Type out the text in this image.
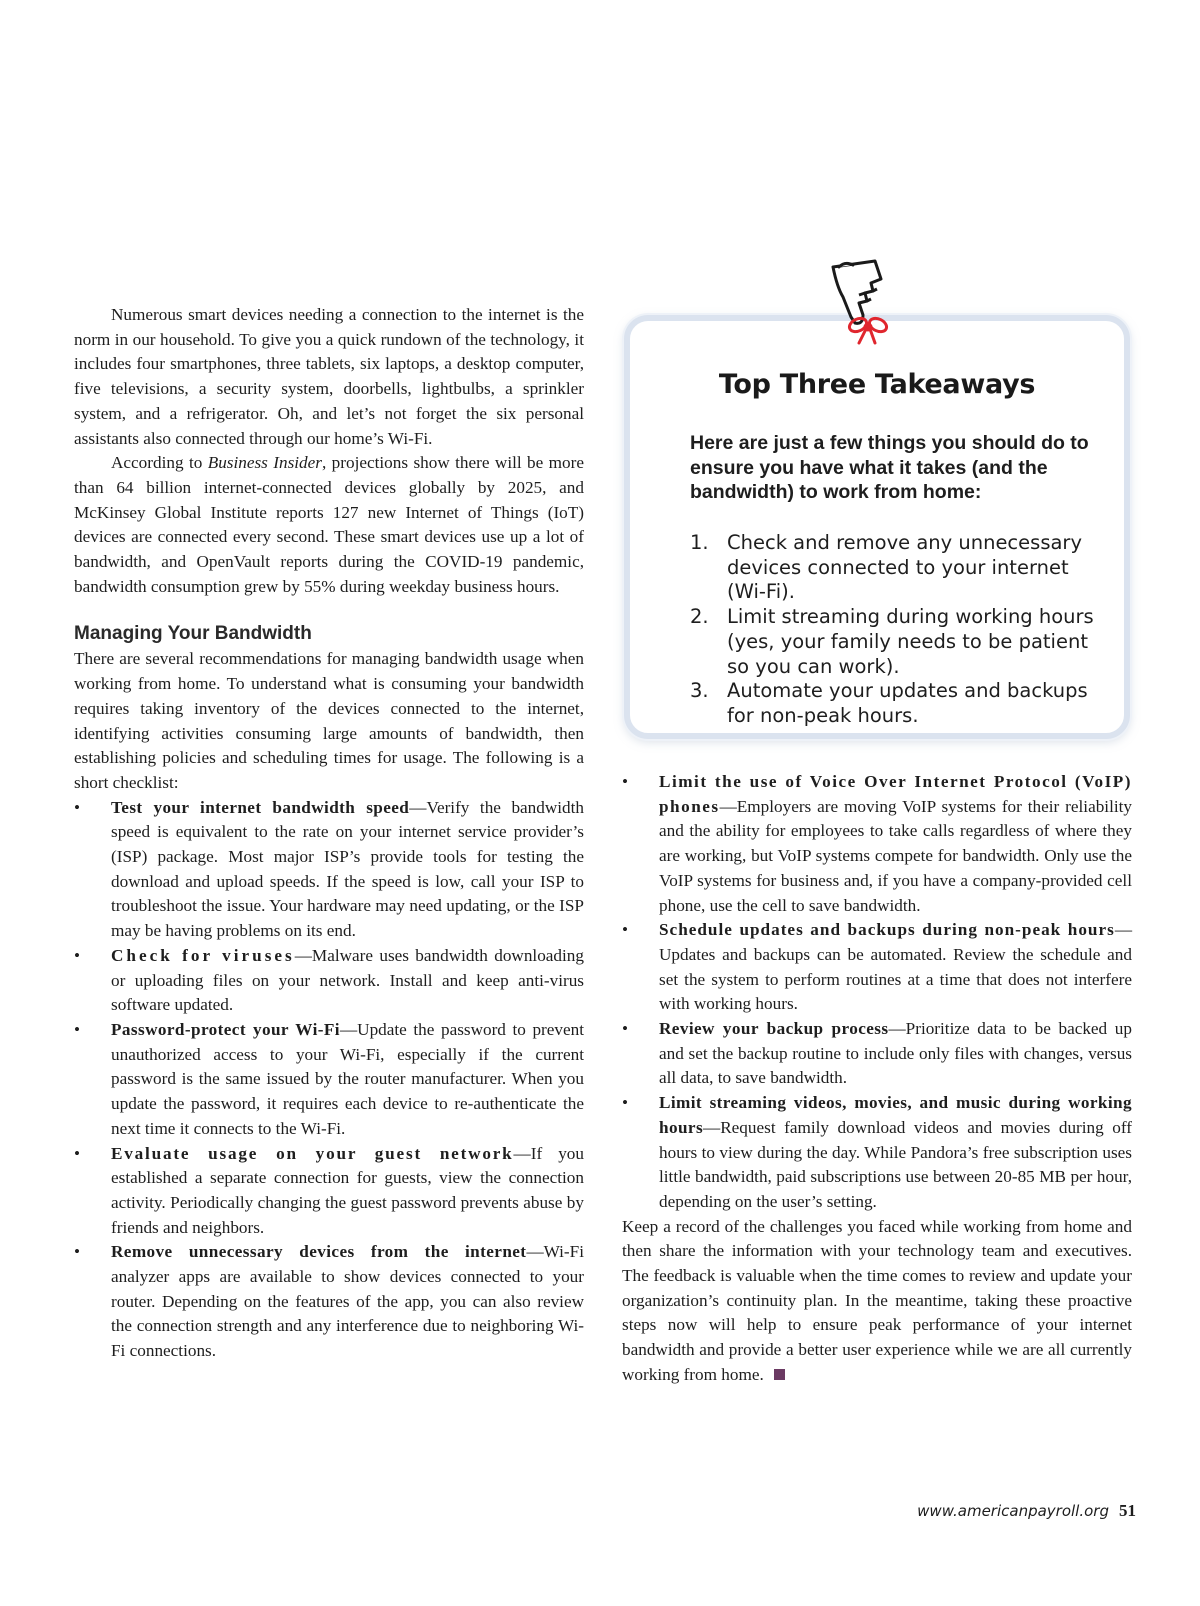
Numerous smart devices needing a connection to the internet is the norm in our household. To give you a quick rundown of the technology, it includes four smartphones, three tablets, six laptops, a desktop computer, five televisions, a security system, doorbells, lightbulbs, a sprinkler system, and a refrigerator. Oh, and let’s not forget the six personal assistants also connected through our home’s Wi-Fi.

According to Business Insider, projections show there will be more than 64 billion internet-connected devices globally by 2025, and McKinsey Global Institute reports 127 new Internet of Things (IoT) devices are connected every second. These smart devices use up a lot of bandwidth, and OpenVault reports during the COVID-19 pandemic, bandwidth consumption grew by 55% during weekday business hours.

Managing Your Bandwidth

There are several recommendations for managing bandwidth usage when working from home. To understand what is consuming your bandwidth requires taking inventory of the devices connected to the internet, identifying activities consuming large amounts of bandwidth, then establishing policies and scheduling times for usage. The following is a short checklist:

• Test your internet bandwidth speed—Verify the bandwidth speed is equivalent to the rate on your internet service provider’s (ISP) package. Most major ISP’s provide tools for testing the download and upload speeds. If the speed is low, call your ISP to troubleshoot the issue. Your hardware may need updating, or the ISP may be having problems on its end.
• Check for viruses—Malware uses bandwidth downloading or uploading files on your network. Install and keep anti-virus software updated.
• Password-protect your Wi-Fi—Update the password to prevent unauthorized access to your Wi-Fi, especially if the current password is the same issued by the router manufacturer. When you update the password, it requires each device to re-authenticate the next time it connects to the Wi-Fi.
• Evaluate usage on your guest network—If you established a separate connection for guests, view the connection activity. Periodically changing the guest password prevents abuse by friends and neighbors.
• Remove unnecessary devices from the internet—Wi-Fi analyzer apps are available to show devices connected to your router. Depending on the features of the app, you can also review the connection strength and any interference due to neighboring Wi-Fi connections.
Top Three Takeaways
Here are just a few things you should do to ensure you have what it takes (and the bandwidth) to work from home:
1. Check and remove any unnecessary devices connected to your internet (Wi-Fi).
2. Limit streaming during working hours (yes, your family needs to be patient so you can work).
3. Automate your updates and backups for non-peak hours.
• Limit the use of Voice Over Internet Protocol (VoIP) phones—Employers are moving VoIP systems for their reliability and the ability for employees to take calls regardless of where they are working, but VoIP systems compete for bandwidth. Only use the VoIP systems for business and, if you have a company-provided cell phone, use the cell to save bandwidth.
• Schedule updates and backups during non-peak hours—Updates and backups can be automated. Review the schedule and set the system to perform routines at a time that does not interfere with working hours.
• Review your backup process—Prioritize data to be backed up and set the backup routine to include only files with changes, versus all data, to save bandwidth.
• Limit streaming videos, movies, and music during working hours—Request family download videos and movies during off hours to view during the day. While Pandora’s free subscription uses little bandwidth, paid subscriptions use between 20-85 MB per hour, depending on the user’s setting.

Keep a record of the challenges you faced while working from home and then share the information with your technology team and executives. The feedback is valuable when the time comes to review and update your organization’s continuity plan. In the meantime, taking these proactive steps now will help to ensure peak performance of your internet bandwidth and provide a better user experience while we are all currently working from home.

www.americanpayroll.org 51
